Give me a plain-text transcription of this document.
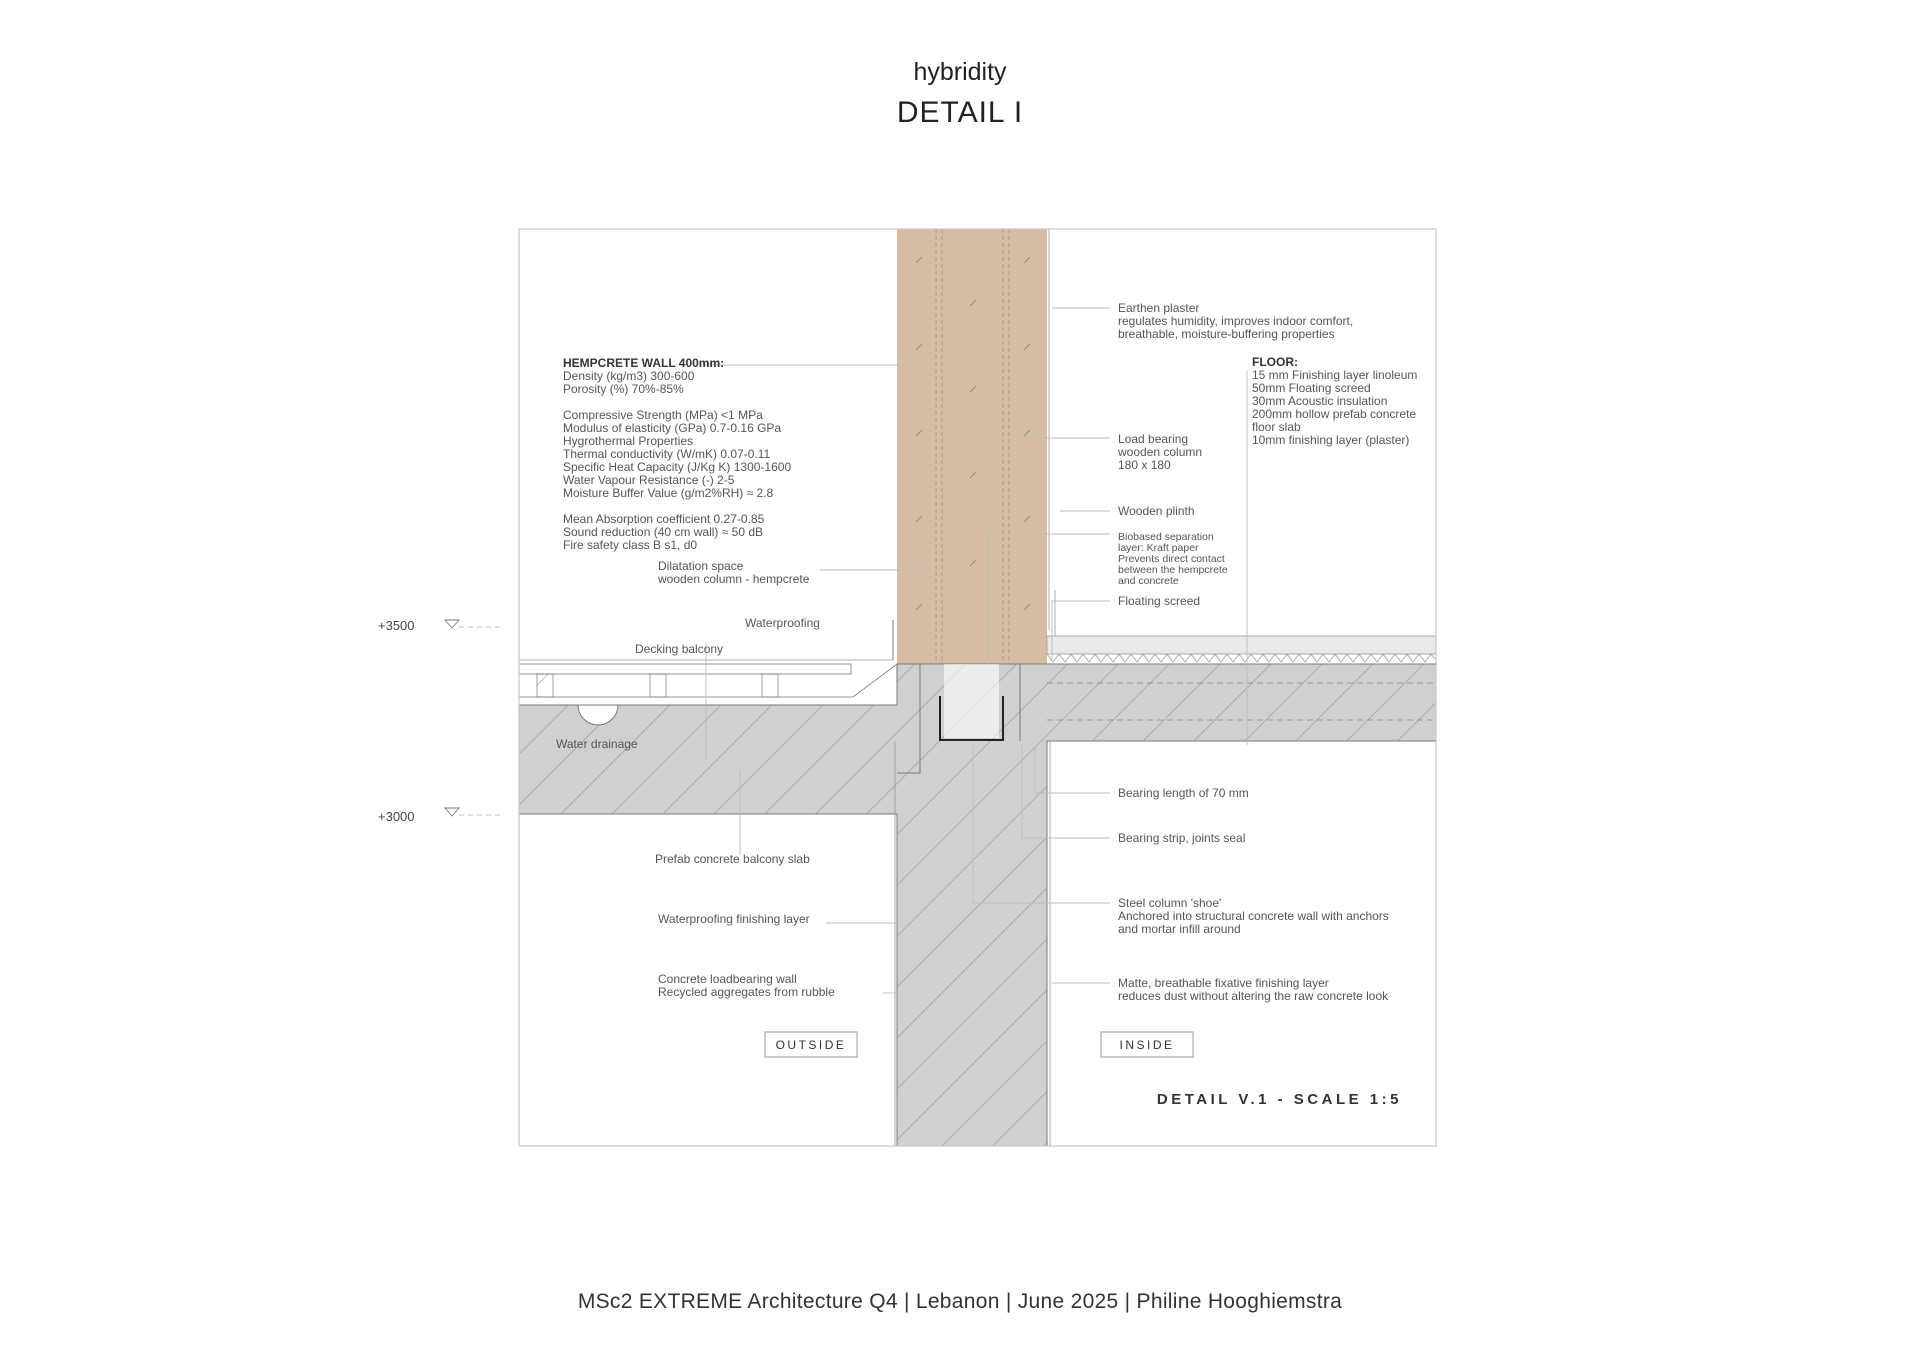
hybridity
DETAIL I
+3500
+3000
HEMPCRETE WALL 400mm:
Density (kg/m3) 300-600
Porosity (%) 70%-85%
Compressive Strength (MPa) <1 MPa
Modulus of elasticity (GPa) 0.7-0.16 GPa
Hygrothermal Properties
Thermal conductivity (W/mK) 0.07-0.11
Specific Heat Capacity (J/Kg K) 1300-1600
Water Vapour Resistance (-) 2-5
Moisture Buffer Value (g/m2%RH) ≈ 2.8
Mean Absorption coefficient 0.27-0.85
Sound reduction (40 cm wall) ≈ 50 dB
Fire safety class B s1, d0
FLOOR:
15 mm Finishing layer linoleum
50mm Floating screed
30mm Acoustic insulation
200mm hollow prefab concrete
floor slab
10mm finishing layer (plaster)
Earthen plaster
regulates humidity, improves indoor comfort,
breathable, moisture-buffering properties
Load bearing
wooden column
180 x 180
Wooden plinth
Biobased separation
layer: Kraft paper
Prevents direct contact
between the hempcrete
and concrete
Floating screed
Bearing length of 70 mm
Bearing strip, joints seal
Steel column 'shoe'
Anchored into structural concrete wall with anchors
and mortar infill around
Matte, breathable fixative finishing layer
reduces dust without altering the raw concrete look
Dilatation space
wooden column - hempcrete
Waterproofing
Decking balcony
Water drainage
Prefab concrete balcony slab
Waterproofing finishing layer
Concrete loadbearing wall
Recycled aggregates from rubble
OUTSIDE	INSIDE
DETAIL V.1 - SCALE 1:5
MSc2 EXTREME Architecture Q4 | Lebanon | June 2025 | Philine Hooghiemstra
